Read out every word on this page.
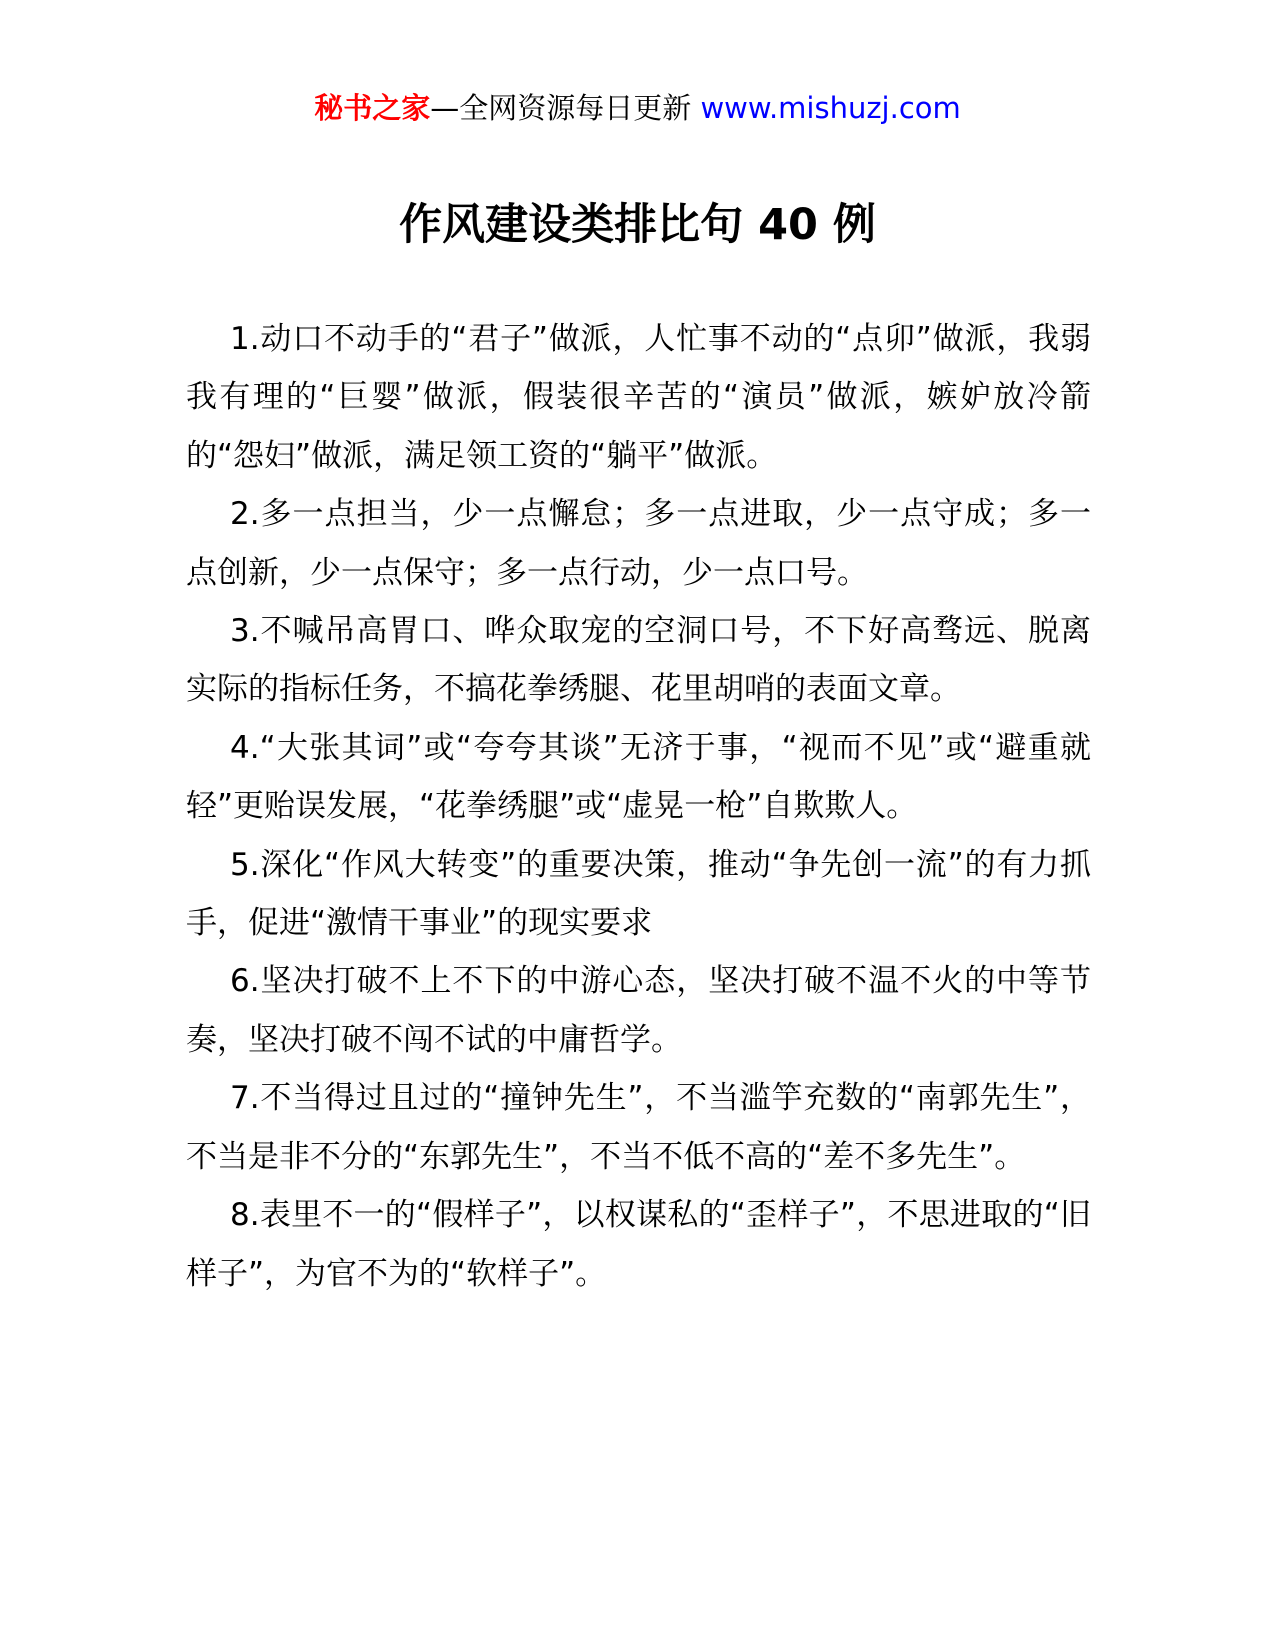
秘书之家—全网资源每日更新 www.mishuzj.com
作风建设类排比句 40 例

1.动口不动手的“君子”做派，人忙事不动的“点卯”做派，我弱我有理的“巨婴”做派，假装很辛苦的“演员”做派，嫉妒放冷箭的“怨妇”做派，满足领工资的“躺平”做派。

2.多一点担当，少一点懈怠；多一点进取，少一点守成；多一点创新，少一点保守；多一点行动，少一点口号。

3.不喊吊高胃口、哗众取宠的空洞口号，不下好高骛远、脱离实际的指标任务，不搞花拳绣腿、花里胡哨的表面文章。

4.“大张其词”或“夸夸其谈”无济于事，“视而不见”或“避重就轻”更贻误发展，“花拳绣腿”或“虚晃一枪”自欺欺人。

5.深化“作风大转变”的重要决策，推动“争先创一流”的有力抓手，促进“激情干事业”的现实要求

6.坚决打破不上不下的中游心态，坚决打破不温不火的中等节奏，坚决打破不闯不试的中庸哲学。

7.不当得过且过的“撞钟先生”，不当滥竽充数的“南郭先生”，不当是非不分的“东郭先生”，不当不低不高的“差不多先生”。

8.表里不一的“假样子”，以权谋私的“歪样子”，不思进取的“旧样子”，为官不为的“软样子”。
